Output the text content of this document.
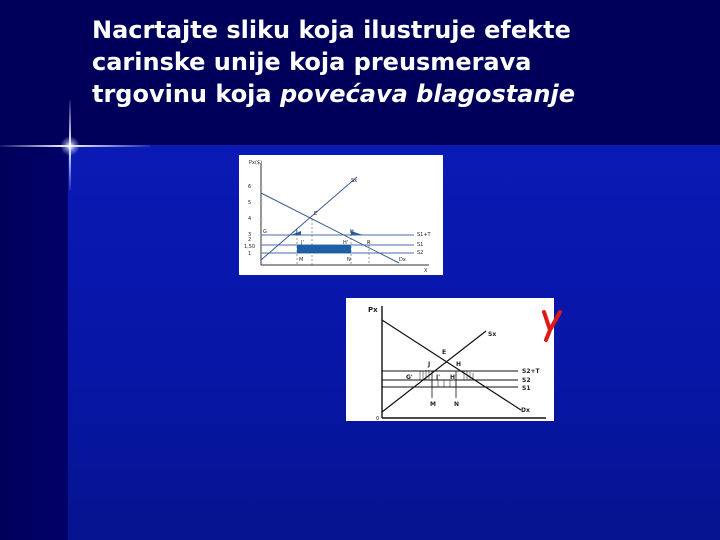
Nacrtajte sliku koja ilustruje efekte
carinske unije koja preusmerava
trgovinu koja povećava blagostanje
Px($)
6
5
4
3
2
1,50
1
Sx
Dx
S1+T
S1
S2
E
G	J
J'	H'
H
R
M	N
X
Px
Sx
S2+T
S2
S1
Dx
E
J	H
G'	J' H'
M	N
0
